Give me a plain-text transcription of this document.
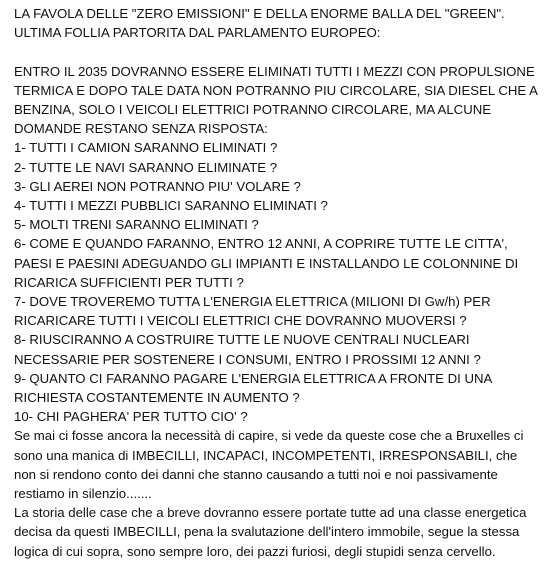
LA FAVOLA DELLE "ZERO EMISSIONI" E DELLA ENORME BALLA DEL "GREEN".

ULTIMA FOLLIA PARTORITA DAL PARLAMENTO EUROPEO:

ENTRO IL 2035 DOVRANNO ESSERE ELIMINATI TUTTI I MEZZI CON PROPULSIONE TERMICA E DOPO TALE DATA NON POTRANNO PIU CIRCOLARE, SIA DIESEL CHE A BENZINA, SOLO I VEICOLI ELETTRICI POTRANNO CIRCOLARE, MA ALCUNE DOMANDE RESTANO SENZA RISPOSTA:

1- TUTTI I CAMION SARANNO ELIMINATI ?

2- TUTTE LE NAVI SARANNO ELIMINATE ?

3- GLI AEREI NON POTRANNO PIU' VOLARE ?

4- TUTTI I MEZZI PUBBLICI SARANNO ELIMINATI ?

5- MOLTI TRENI SARANNO ELIMINATI ?

6- COME E QUANDO FARANNO, ENTRO 12 ANNI, A COPRIRE TUTTE LE CITTA', PAESI E PAESINI ADEGUANDO GLI IMPIANTI E INSTALLANDO LE COLONNINE DI RICARICA SUFFICIENTI PER TUTTI ?

7- DOVE TROVEREMO TUTTA L'ENERGIA ELETTRICA (MILIONI DI Gw/h) PER RICARICARE TUTTI I VEICOLI ELETTRICI CHE DOVRANNO MUOVERSI ?

8- RIUSCIRANNO A COSTRUIRE TUTTE LE NUOVE CENTRALI NUCLEARI NECESSARIE PER SOSTENERE I CONSUMI, ENTRO I PROSSIMI 12 ANNI ?

9- QUANTO CI FARANNO PAGARE L'ENERGIA ELETTRICA A FRONTE DI UNA RICHIESTA COSTANTEMENTE IN AUMENTO ?

10- CHI PAGHERA' PER TUTTO CIO' ?

Se mai ci fosse ancora la necessità di capire, si vede da queste cose che a Bruxelles ci sono una manica di IMBECILLI, INCAPACI, INCOMPETENTI, IRRESPONSABILI, che non si rendono conto dei danni che stanno causando a tutti noi e noi passivamente restiamo in silenzio.......

La storia delle case che a breve dovranno essere portate tutte ad una classe energetica decisa da questi IMBECILLI, pena la svalutazione dell'intero immobile, segue la stessa logica di cui sopra, sono sempre loro, dei pazzi furiosi, degli stupidi senza cervello.
